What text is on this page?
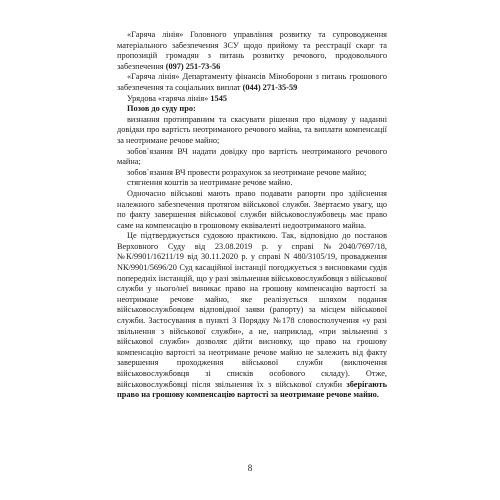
«Гаряча лінія» Головного управління розвитку та супроводження матеріального забезпечення ЗСУ щодо прийому та реєстрації скарг та пропозицій громадян з питань розвитку речового, продовольчого забезпечення (097) 251-73-56

«Гаряча лінія» Департаменту фінансів Міноборони з питань грошового забезпечення та соціальних виплат (044) 271-35-59

Урядова «гаряча лінія» 1545

Позов до суду про:

визнання протиправним та скасувати рішення про відмову у наданні довідки про вартість неотриманого речового майна, та виплати компенсації за неотримане речове майно;

зобов`язання ВЧ надати довідку про вартість неотриманого речового майна;

зобов`язання ВЧ провести розрахунок за неотримане речове майно;

стягнення коштів за неотримане речове майно.

Одночасно військові мають право подавати рапорти про здійснення належного забезпечення протягом військової служби. Звертаємо увагу, що по факту завершення військової служби військовослужбовець має право саме на компенсацію в грошовому еквіваленті недоотриманого майна.

Це підтверджується судовою практикою. Так, відповідно до постанов Верховного Суду від 23.08.2019 р. у справі №2040/7697/18, №К/9901/16211/19 від 30.11.2020 р. у справі N 480/3105/19, провадження NК/9901/5696/20 Суд касаційної інстанції погоджується з висновками судів попередніх інстанцій, що у разі звільнення військовослужбовця з військової служби у нього/неї виникає право на грошову компенсацію вартості за неотримане речове майно, яке реалізується шляхом подання військовослужбовцем відповідної заяви (рапорту) за місцем військової служби. Застосування в пункті 3 Порядку №178 словосполучення «у разі звільнення з військової служби», а не, наприклад, «при звільненні з військової служби» дозволяє дійти висновку, що право на грошову компенсацію вартості за неотримане речове майно не залежить від факту завершення проходження військової служби (виключення військовослужбовця зі списків особового складу). Отже, військовослужбовці після звільнення їх з військової служби зберігають право на грошову компенсацію вартості за неотримане речове майно.

8
